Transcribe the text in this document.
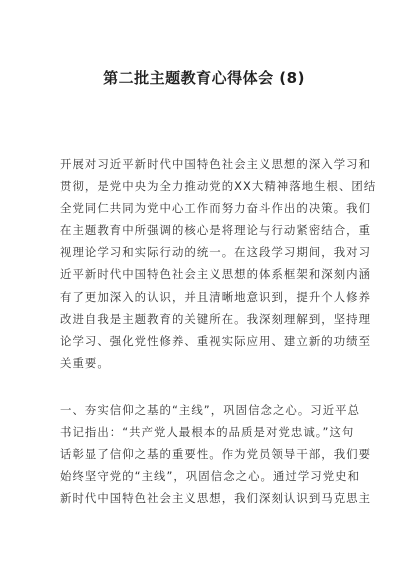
第二批主题教育心得体会 (8)
开展对习近平新时代中国特色社会主义思想的深入学习和
贯彻，是党中央为全力推动党的XX大精神落地生根、团结
全党同仁共同为党中心工作而努力奋斗作出的决策。我们
在主题教育中所强调的核心是将理论与行动紧密结合，重
视理论学习和实际行动的统一。在这段学习期间，我对习
近平新时代中国特色社会主义思想的体系框架和深刻内涵
有了更加深入的认识，并且清晰地意识到，提升个人修养
改进自我是主题教育的关键所在。我深刻理解到，坚持理
论学习、强化党性修养、重视实际应用、建立新的功绩至
关重要。
一、夯实信仰之基的“主线”，巩固信念之心。习近平总
书记指出：“共产党人最根本的品质是对党忠诚。”这句
话彰显了信仰之基的重要性。作为党员领导干部，我们要
始终坚守党的“主线”，巩固信念之心。通过学习党史和
新时代中国特色社会主义思想，我们深刻认识到马克思主
